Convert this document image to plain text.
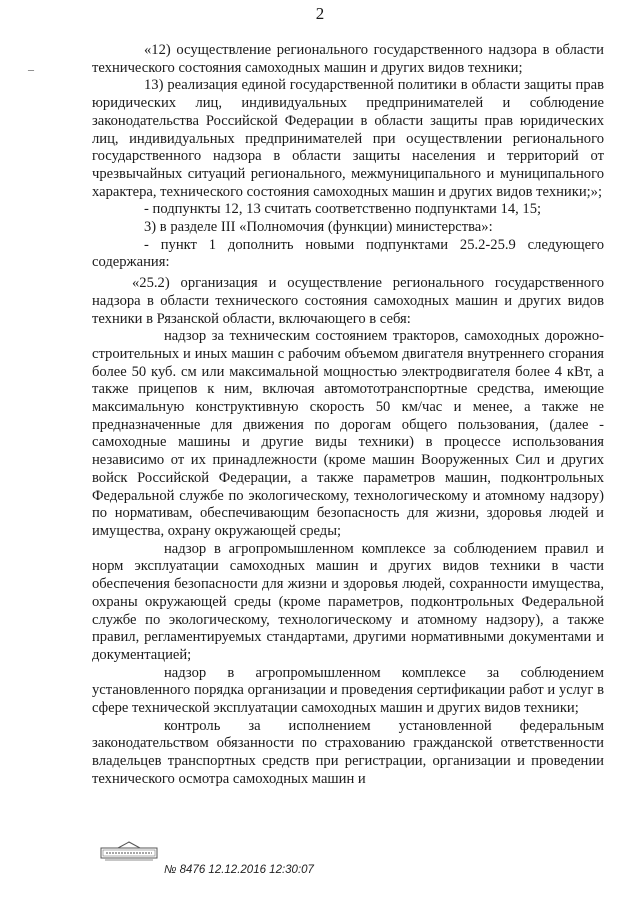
2
–

«12) осуществление регионального государственного надзора в области технического состояния самоходных машин и других видов техники;

13) реализация единой государственной политики в области защиты прав юридических лиц, индивидуальных предпринимателей и соблюдение законодательства Российской Федерации в области защиты прав юридических лиц, индивидуальных предпринимателей при осуществлении регионального государственного надзора в области защиты населения и территорий от чрезвычайных ситуаций регионального, межмуниципального и муниципального характера, технического состояния самоходных машин и других видов техники;»;

- подпункты 12, 13 считать соответственно подпунктами 14, 15;

3) в разделе III «Полномочия (функции) министерства»:

- пункт 1 дополнить новыми подпунктами 25.2-25.9 следующего содержания:

«25.2) организация и осуществление регионального государственного надзора в области технического состояния самоходных машин и других видов техники в Рязанской области, включающего в себя:

надзор за техническим состоянием тракторов, самоходных дорожно-строительных и иных машин с рабочим объемом двигателя внутреннего сгорания более 50 куб. см или максимальной мощностью электродвигателя более 4 кВт, а также прицепов к ним, включая автомототранспортные средства, имеющие максимальную конструктивную скорость 50 км/час и менее, а также не предназначенные для движения по дорогам общего пользования, (далее - самоходные машины и другие виды техники) в процессе использования независимо от их принадлежности (кроме машин Вооруженных Сил и других войск Российской Федерации, а также параметров машин, подконтрольных Федеральной службе по экологическому, технологическому и атомному надзору) по нормативам, обеспечивающим безопасность для жизни, здоровья людей и имущества, охрану окружающей среды;

надзор в агропромышленном комплексе за соблюдением правил и норм эксплуатации самоходных машин и других видов техники в части обеспечения безопасности для жизни и здоровья людей, сохранности имущества, охраны окружающей среды (кроме параметров, подконтрольных Федеральной службе по экологическому, технологическому и атомному надзору), а также правил, регламентируемых стандартами, другими нормативными документами и документацией;

надзор в агропромышленном комплексе за соблюдением установленного порядка организации и проведения сертификации работ и услуг в сфере технической эксплуатации самоходных машин и других видов техники;

контроль за исполнением установленной федеральным законодательством обязанности по страхованию гражданской ответственности владельцев транспортных средств при регистрации, организации и проведении технического осмотра самоходных машин и

№ 8476 12.12.2016 12:30:07
